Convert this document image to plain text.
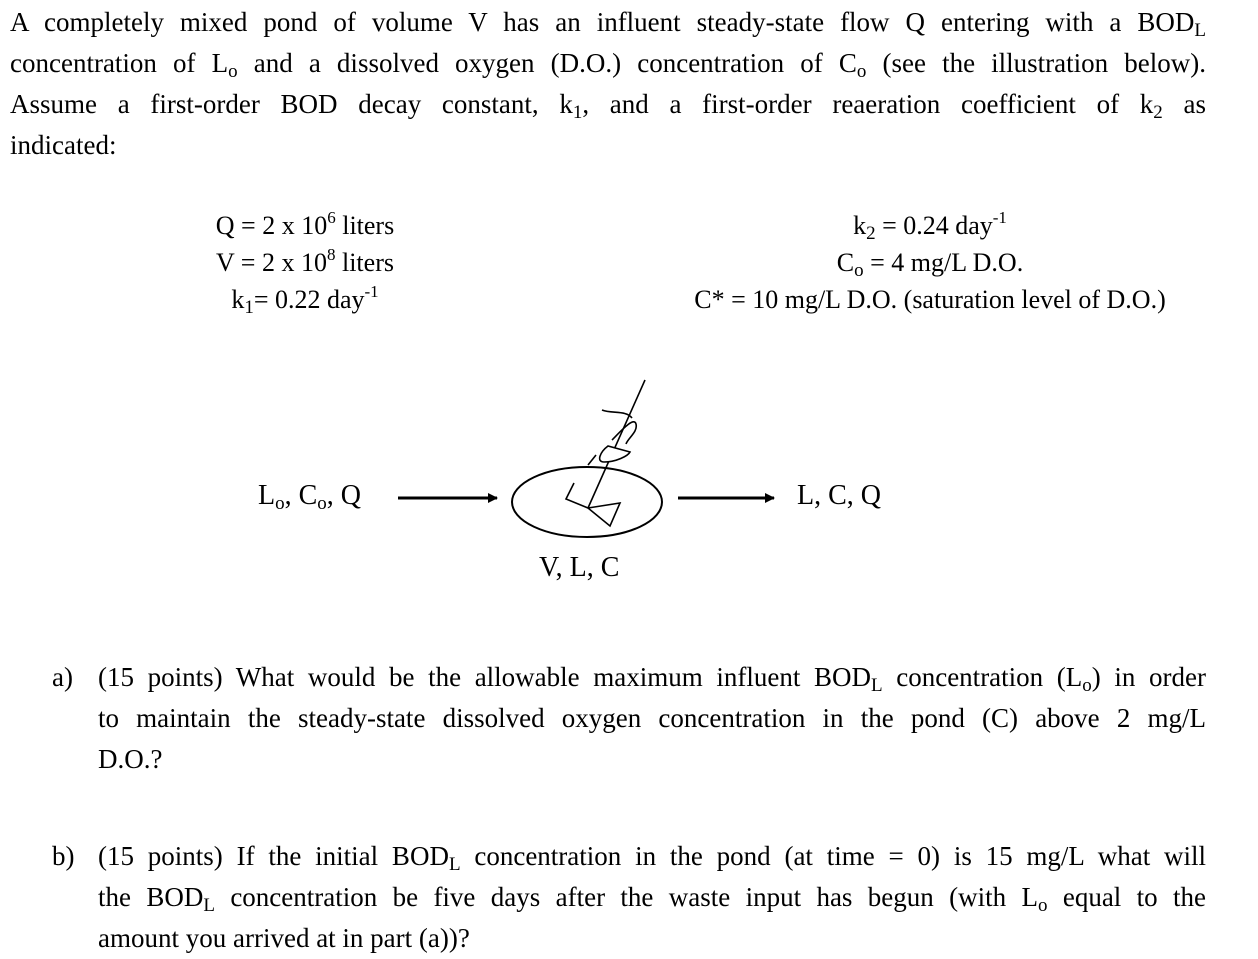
A completely mixed pond of volume V has an influent steady-state flow Q entering with a $BOD_L$
concentration of $L_o$ and a dissolved oxygen (D.O.) concentration of $C_o$ (see the illustration below).
Assume a first-order BOD decay constant, $k_1$, and a first-order reaeration coefficient of $k_2$ as
indicated:
Q = 2 x $10^6$ liters
V = 2 x $10^8$ liters
$k_1= 0.22$ day$^{-1}$
$k_2 = 0.24$ day$^{-1}$
$C_o = 4$ mg/L D.O.
C* = 10 mg/L D.O. (saturation level of D.O.)
$L_o$, $C_o$, Q	L, C, Q
V, L, C
a) (15 points) What would be the allowable maximum influent $BOD_L$ concentration $(L_o)$ in order
to maintain the steady-state dissolved oxygen concentration in the pond (C) above 2 mg/L
D.O.?
b) (15 points) If the initial $BOD_L$ concentration in the pond (at time = 0) is 15 mg/L what will
the $BOD_L$ concentration be five days after the waste input has begun (with $L_o$ equal to the
amount you arrived at in part (a))?
